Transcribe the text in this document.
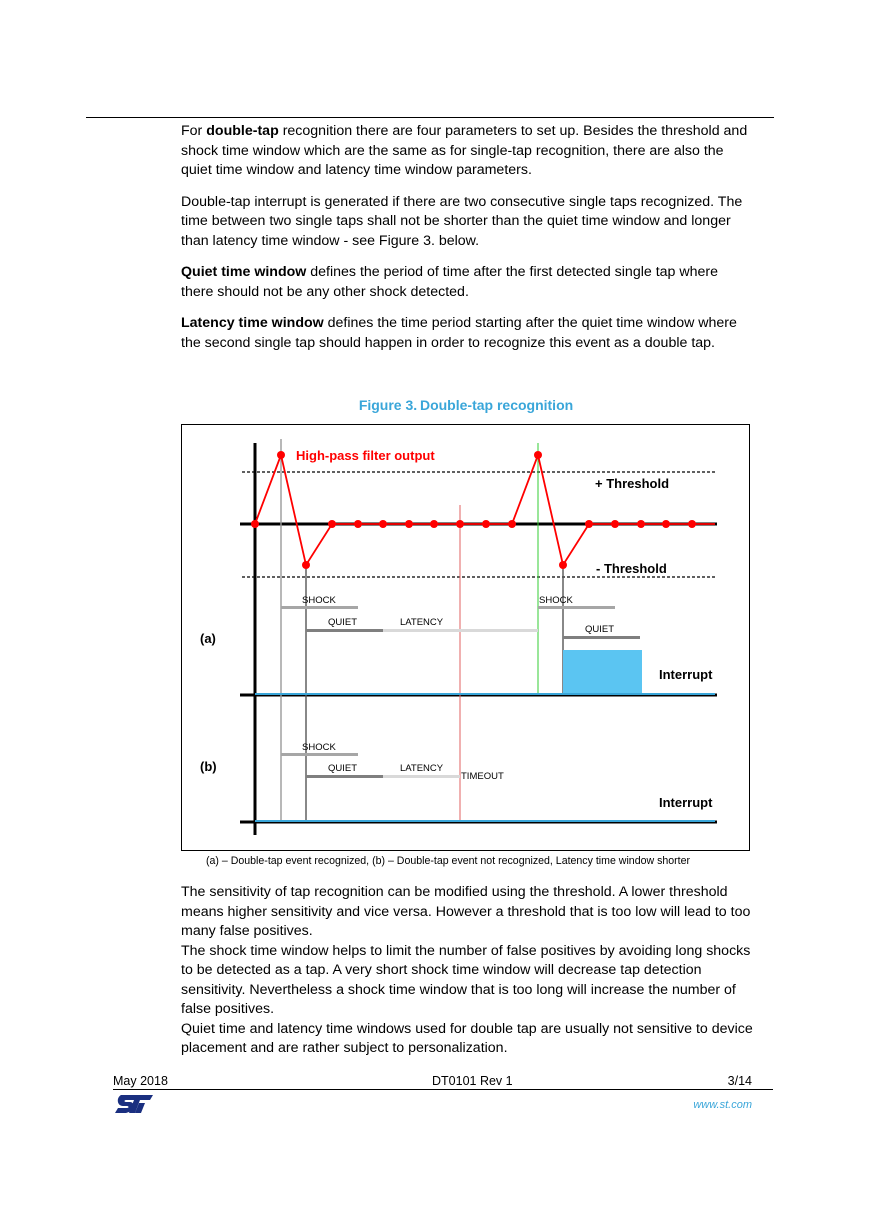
For double-tap recognition there are four parameters to set up. Besides the threshold and shock time window which are the same as for single-tap recognition, there are also the quiet time window and latency time window parameters.

Double-tap interrupt is generated if there are two consecutive single taps recognized. The time between two single taps shall not be shorter than the quiet time window and longer than latency time window - see Figure 3. below.

Quiet time window defines the period of time after the first detected single tap where there should not be any other shock detected.

Latency time window defines the time period starting after the quiet time window where the second single tap should happen in order to recognize this event as a double tap.

Figure 3. Double-tap recognition
High-pass filter output
+ Threshold
- Threshold
(a)
SHOCK
QUIET	LATENCY
SHOCK
QUIET
Interrupt
(b)
SHOCK
QUIET	LATENCY
TIMEOUT
Interrupt
(a) – Double-tap event recognized, (b) – Double-tap event not recognized, Latency time window shorter
The sensitivity of tap recognition can be modified using the threshold. A lower threshold means higher sensitivity and vice versa. However a threshold that is too low will lead to too many false positives.
The shock time window helps to limit the number of false positives by avoiding long shocks to be detected as a tap. A very short shock time window will decrease tap detection sensitivity. Nevertheless a shock time window that is too long will increase the number of false positives.
Quiet time and latency time windows used for double tap are usually not sensitive to device placement and are rather subject to personalization.
May 2018	DT0101 Rev 1	3/14
www.st.com
